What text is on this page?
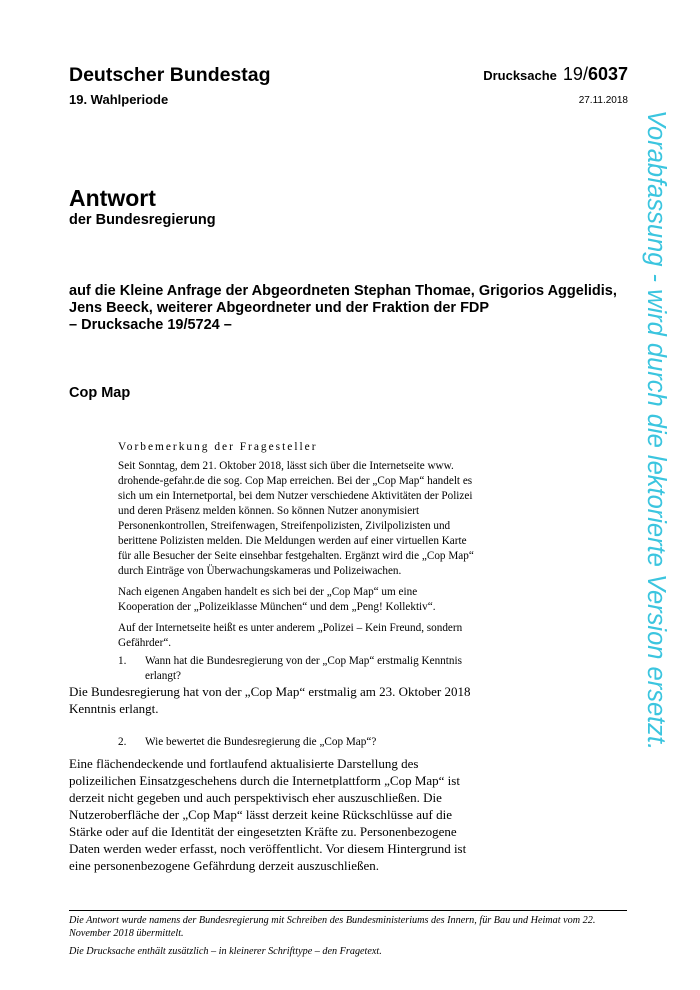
Deutscher Bundestag
19. Wahlperiode
Drucksache 19/6037
27.11.2018
Antwort
der Bundesregierung
auf die Kleine Anfrage der Abgeordneten Stephan Thomae, Grigorios Aggelidis,
Jens Beeck, weiterer Abgeordneter und der Fraktion der FDP
– Drucksache 19/5724 –
Cop Map
Vorbemerkung der Fragesteller

Seit Sonntag, dem 21. Oktober 2018, lässt sich über die Internetseite www. drohende-gefahr.de die sog. Cop Map erreichen. Bei der „Cop Map“ handelt es sich um ein Internetportal, bei dem Nutzer verschiedene Aktivitäten der Polizei und deren Präsenz melden können. So können Nutzer anonymisiert Personenkontrollen, Streifenwagen, Streifenpolizisten, Zivilpolizisten und berittene Polizisten melden. Die Meldungen werden auf einer virtuellen Karte für alle Besucher der Seite einsehbar festgehalten. Ergänzt wird die „Cop Map“ durch Einträge von Überwachungskameras und Polizeiwachen.

Nach eigenen Angaben handelt es sich bei der „Cop Map“ um eine Kooperation der „Polizeiklasse München“ und dem „Peng! Kollektiv“.

Auf der Internetseite heißt es unter anderem „Polizei – Kein Freund, sondern Gefährder“.

1.	Wann hat die Bundesregierung von der „Cop Map“ erstmalig Kenntnis erlangt?
Die Bundesregierung hat von der „Cop Map“ erstmalig am 23. Oktober 2018 Kenntnis erlangt.
2.	Wie bewertet die Bundesregierung die „Cop Map“?
Eine flächendeckende und fortlaufend aktualisierte Darstellung des polizeilichen Einsatzgeschehens durch die Internetplattform „Cop Map“ ist derzeit nicht gegeben und auch perspektivisch eher auszuschließen. Die Nutzeroberfläche der „Cop Map“ lässt derzeit keine Rückschlüsse auf die Stärke oder auf die Identität der eingesetzten Kräfte zu. Personenbezogene Daten werden weder erfasst, noch veröffentlicht. Vor diesem Hintergrund ist eine personenbezogene Gefährdung derzeit auszuschließen.
Die Antwort wurde namens der Bundesregierung mit Schreiben des Bundesministeriums des Innern, für Bau und Heimat vom 22. November 2018 übermittelt.
Die Drucksache enthält zusätzlich – in kleinerer Schrifttype – den Fragetext.
Vorabfassung - wird durch die lektorierte Version ersetzt.
